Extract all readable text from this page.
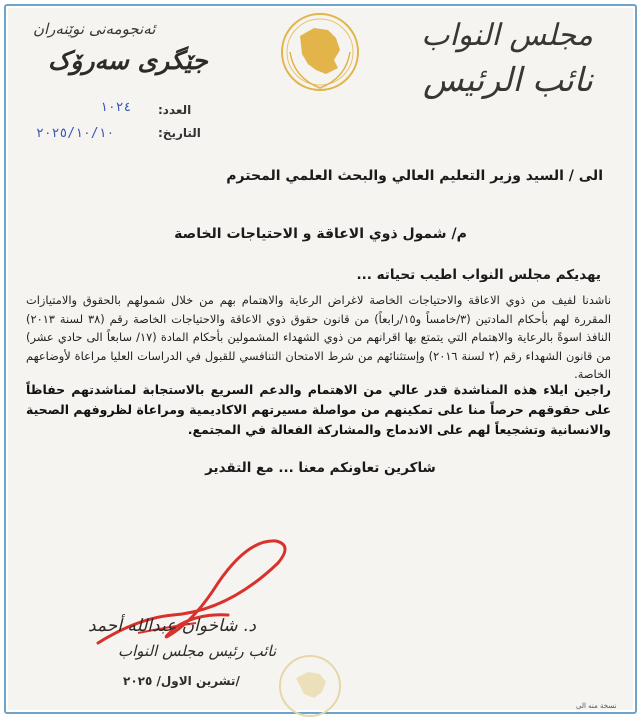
مجلس النواب
نائب الرئيس
ئەنجومەنی نوێنەران
جێگری سەرۆک
العدد:
١٠٢٤
التاريخ:
٢٠٢٥/١٠/١٠
الى / السيد وزير التعليم العالي والبحث العلمي المحترم
م/ شمول ذوي الاعاقة و الاحتياجات الخاصة
يهديكم مجلس النواب اطيب تحياته ...
ناشدنا لفيف من ذوي الاعاقة والاحتياجات الخاصة لاغراض الرعاية والاهتمام بهم من خلال شمولهم بالحقوق والامتيازات المقررة لهم بأحكام المادتين (٣/خامساً و١٥/رابعاً) من قانون حقوق ذوي الاعاقة والاحتياجات الخاصة رقم (٣٨ لسنة ٢٠١٣) النافذ اسوةً بالرعاية والاهتمام التي يتمتع بها اقرانهم من ذوي الشهداء المشمولين بأحكام المادة (١٧/ سابعاً الى حادي عشر) من قانون الشهداء رقم (٢ لسنة ٢٠١٦) وإستثنائهم من شرط الامتحان التنافسي للقبول في الدراسات العليا مراعاة لأوضاعهم الخاصة.
راجين ايلاء هذه المناشدة قدر عالي من الاهتمام والدعم السريع بالاستجابة لمناشدتهم حفاظاً على حقوقهم حرصاً منا على تمكينهم من مواصلة مسيرتهم الاكاديمية ومراعاة لظروفهم الصحية والانسانية وتشجيعاً لهم على الاندماج والمشاركة الفعالة في المجتمع.
شاكرين تعاونكم معنا ... مع التقدير
د. شاخوان عبدالله أحمد
نائب رئيس مجلس النواب
/تشرين الاول/ ٢٠٢٥
نسخة منه الى
